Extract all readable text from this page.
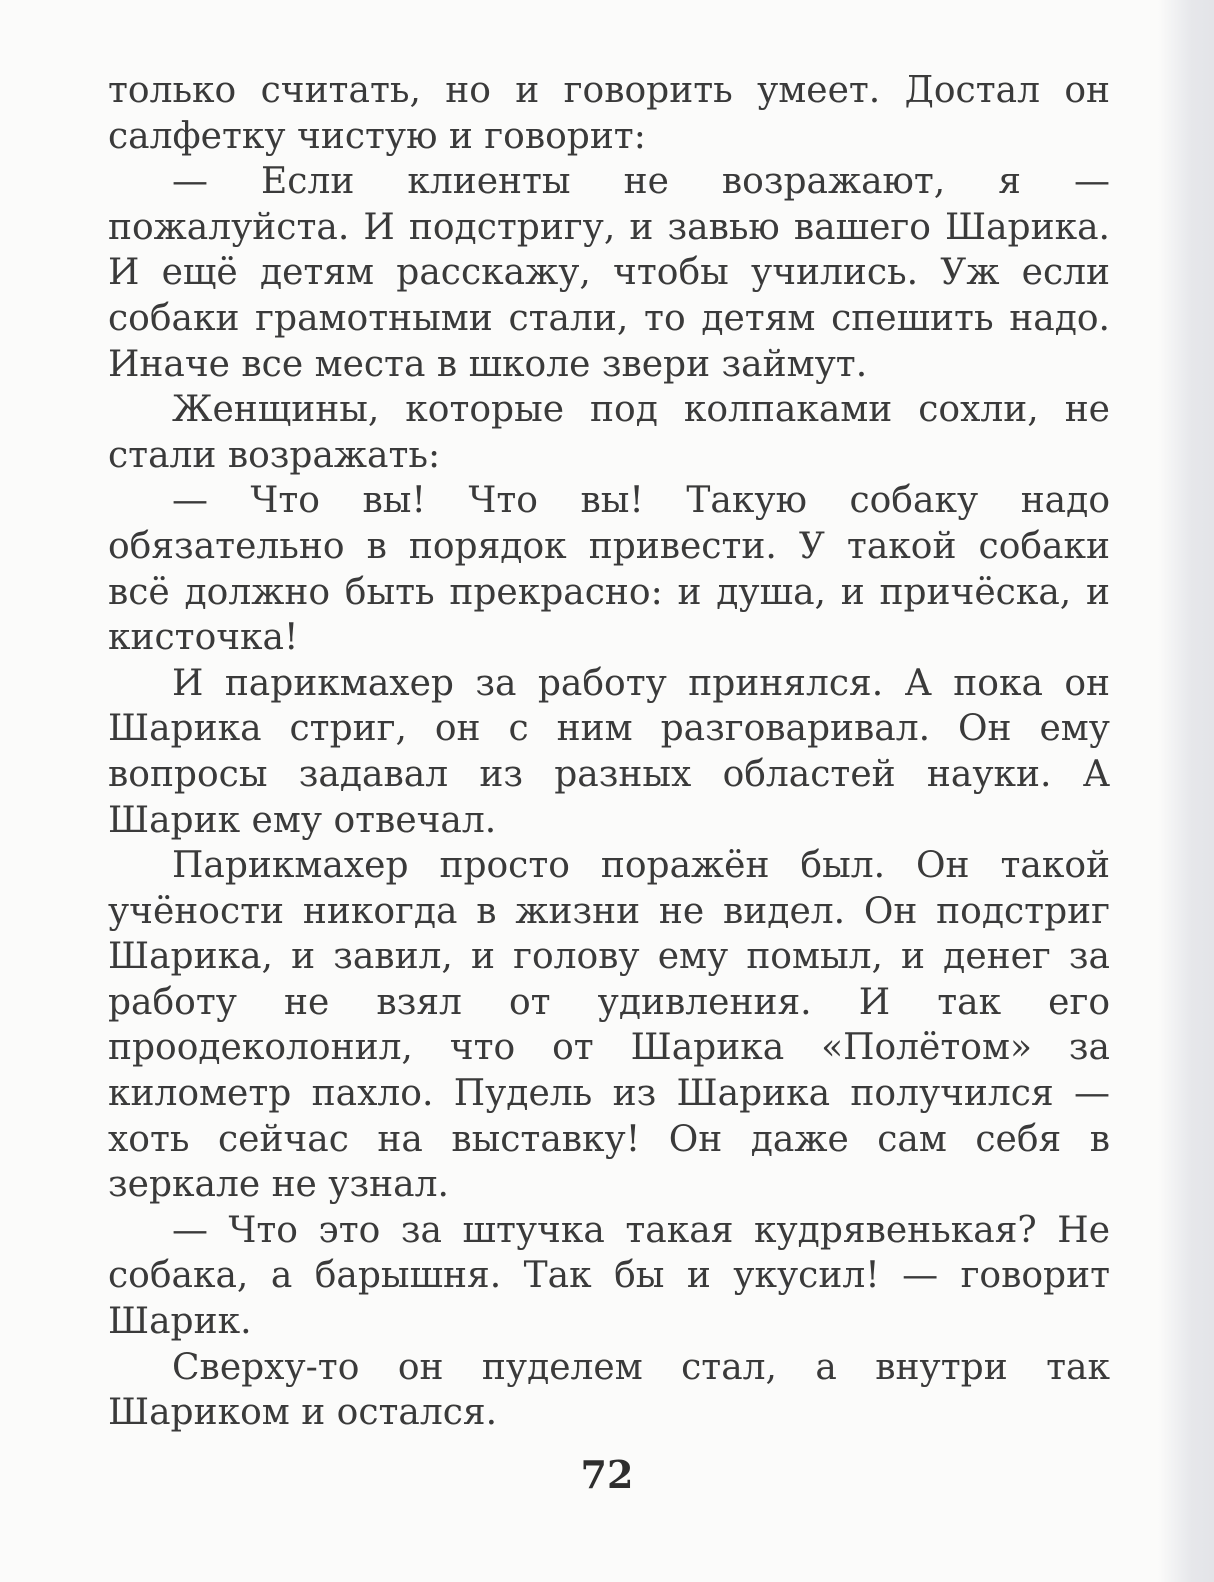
только считать, но и говорить умеет. Достал он салфетку чистую и говорит:

— Если клиенты не возражают, я — пожалуйста. И подстригу, и завью вашего Шарика. И ещё детям расскажу, чтобы учились. Уж если собаки грамотными стали, то детям спешить надо. Иначе все места в школе звери займут.

Женщины, которые под колпаками сохли, не стали возражать:

— Что вы! Что вы! Такую собаку надо обязательно в порядок привести. У такой собаки всё должно быть прекрасно: и душа, и причёска, и кисточка!

И парикмахер за работу принялся. А пока он Шарика стриг, он с ним разговаривал. Он ему вопросы задавал из разных областей науки. А Шарик ему отвечал.

Парикмахер просто поражён был. Он такой учёности никогда в жизни не видел. Он подстриг Шарика, и завил, и голову ему помыл, и денег за работу не взял от удивления. И так его проодеколонил, что от Шарика «Полётом» за километр пахло. Пудель из Шарика получился — хоть сейчас на выставку! Он даже сам себя в зеркале не узнал.

— Что это за штучка такая кудрявенькая? Не собака, а барышня. Так бы и укусил! — говорит Шарик.

Сверху-то он пуделем стал, а внутри так Шариком и остался.

72
